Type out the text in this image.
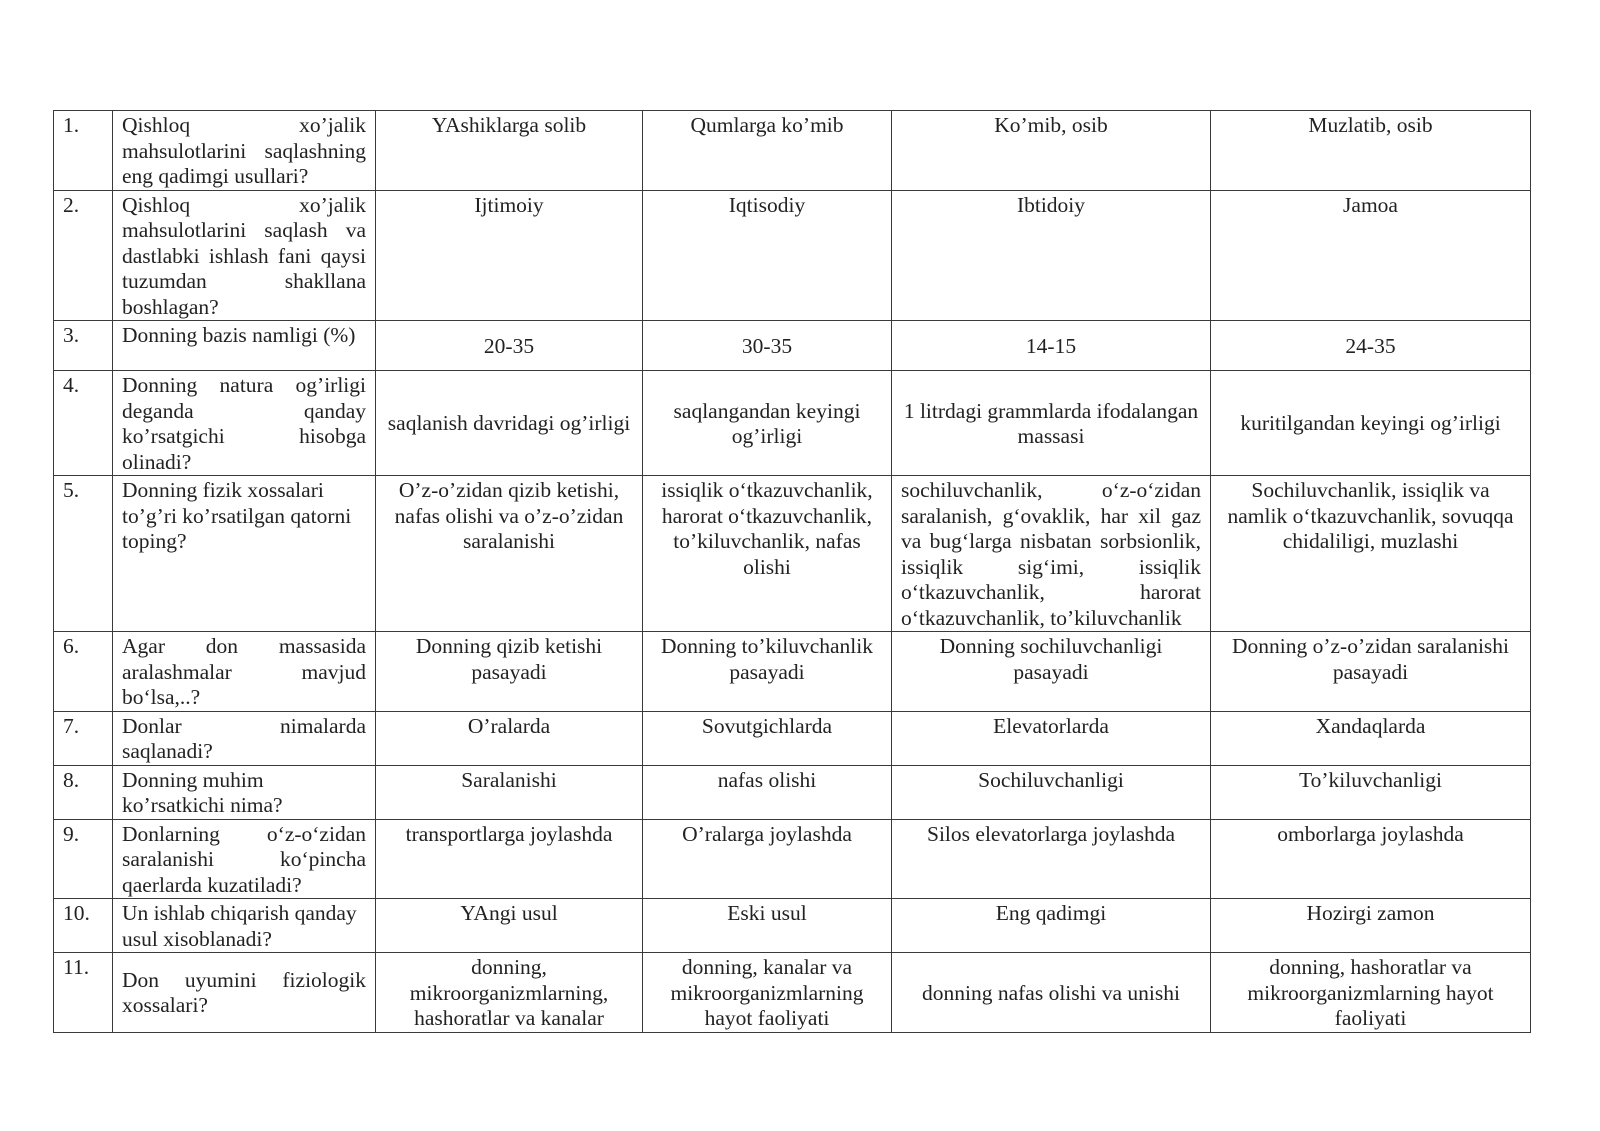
1.	Qishloq xo’jalik mahsulotlarini saqlashning eng qadimgi usullari?	YAshiklarga solib	Qumlarga ko’mib	Ko’mib, osib	Muzlatib, osib
2.	Qishloq xo’jalik mahsulotlarini saqlash va dastlabki ishlash fani qaysi tuzumdan shakllana boshlagan?	Ijtimoiy	Iqtisodiy	Ibtidoiy	Jamoa
3.	Donning bazis namligi (%)	20-35	30-35	14-15	24-35
4.	Donning natura og’irligi deganda qanday ko’rsatgichi hisobga olinadi?	saqlanish davridagi og’irligi	saqlangandan keyingi og’irligi	1 litrdagi grammlarda ifodalangan massasi	kuritilgandan keyingi og’irligi
5.	Donning fizik xossalari to’g’ri ko’rsatilgan qatorni toping?	O’z-o’zidan qizib ketishi, nafas olishi va o’z-o’zidan saralanishi	issiqlik o‘tkazuvchanlik, harorat o‘tkazuvchanlik, to’kiluvchanlik, nafas olishi	sochiluvchanlik, o‘z-o‘zidan saralanish, g‘ovaklik, har xil gaz va bug‘larga nisbatan sorbsionlik, issiqlik sig‘imi, issiqlik o‘tkazuvchanlik, harorat o‘tkazuvchanlik, to’kiluvchanlik	Sochiluvchanlik, issiqlik va namlik o‘tkazuvchanlik, sovuqqa chidaliligi, muzlashi
6.	Agar don massasida aralashmalar mavjud bo‘lsa,..?	Donning qizib ketishi pasayadi	Donning to’kiluvchanlik pasayadi	Donning sochiluvchanligi pasayadi	Donning o’z-o’zidan saralanishi pasayadi
7.	Donlar nimalarda saqlanadi?	O’ralarda	Sovutgichlarda	Elevatorlarda	Xandaqlarda
8.	Donning muhim ko’rsatkichi nima?	Saralanishi	nafas olishi	Sochiluvchanligi	To’kiluvchanligi
9.	Donlarning o‘z-o‘zidan saralanishi ko‘pincha qaerlarda kuzatiladi?	transportlarga joylashda	O’ralarga joylashda	Silos elevatorlarga joylashda	omborlarga joylashda
10.	Un ishlab chiqarish qanday usul xisoblanadi?	YAngi usul	Eski usul	Eng qadimgi	Hozirgi zamon
11.	Don uyumini fiziologik xossalari?	donning, mikroorganizmlarning, hashoratlar va kanalar	donning, kanalar va mikroorganizmlarning hayot faoliyati	donning nafas olishi va unishi	donning, hashoratlar va mikroorganizmlarning hayot faoliyati
